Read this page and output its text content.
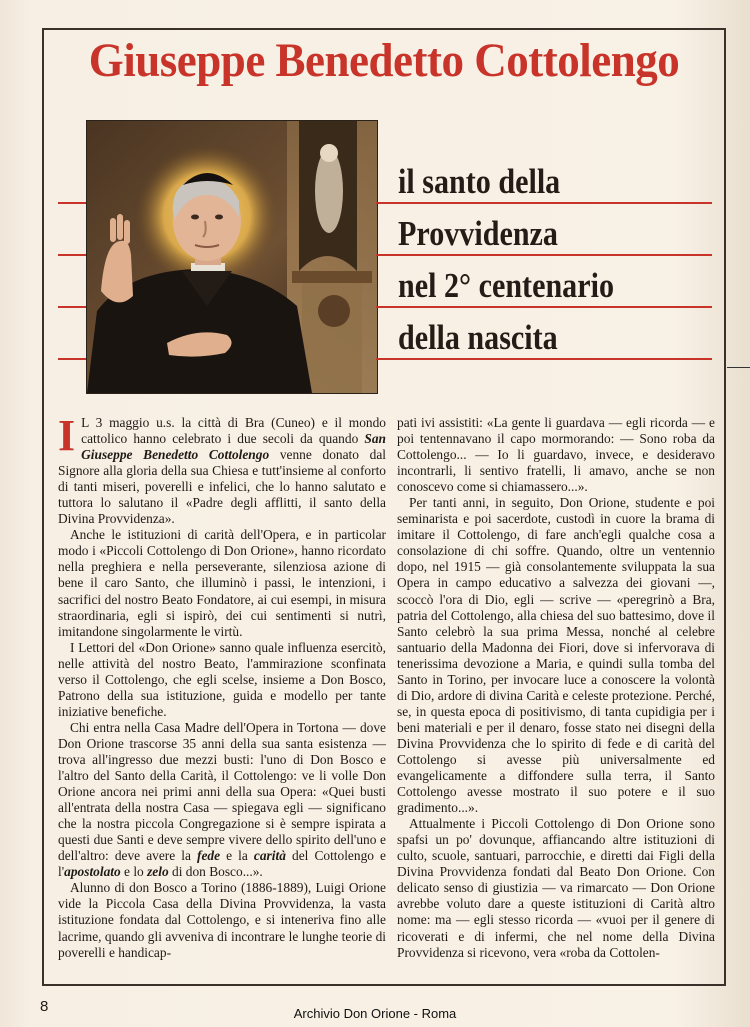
Giuseppe Benedetto Cottolengo
il santo della
Provvidenza
nel 2° centenario
della nascita

I L 3 maggio u.s. la città di Bra (Cuneo) e il mondo cattolico hanno celebrato i due secoli da quando San Giuseppe Benedetto Cottolengo venne donato dal Signore alla gloria della sua Chiesa e tutt'insieme al conforto di tanti miseri, poverelli e infelici, che lo hanno salutato e tuttora lo salutano il «Padre degli afflitti, il santo della Divina Provvidenza».

Anche le istituzioni di carità dell'Opera, e in particolar modo i «Piccoli Cottolengo di Don Orione», hanno ricordato nella preghiera e nella perseverante, silenziosa azione di bene il caro Santo, che illuminò i passi, le intenzioni, i sacrifici del nostro Beato Fondatore, ai cui esempi, in misura straordinaria, egli si ispirò, dei cui sentimenti si nutrì, imitandone singolarmente le virtù.

I Lettori del «Don Orione» sanno quale influenza esercitò, nelle attività del nostro Beato, l'ammirazione sconfinata verso il Cottolengo, che egli scelse, insieme a Don Bosco, Patrono della sua istituzione, guida e modello per tante iniziative benefiche.

Chi entra nella Casa Madre dell'Opera in Tortona — dove Don Orione trascorse 35 anni della sua santa esistenza — trova all'ingresso due mezzi busti: l'uno di Don Bosco e l'altro del Santo della Carità, il Cottolengo: ve li volle Don Orione ancora nei primi anni della sua Opera: «Quei busti all'entrata della nostra Casa — spiegava egli — significano che la nostra piccola Congregazione si è sempre ispirata a questi due Santi e deve sempre vivere dello spirito dell'uno e dell'altro: deve avere la fede e la carità del Cottolengo e l'apostolato e lo zelo di don Bosco...».

Alunno di don Bosco a Torino (1886-1889), Luigi Orione vide la Piccola Casa della Divina Provvidenza, la vasta istituzione fondata dal Cottolengo, e si inteneriva fino alle lacrime, quando gli avveniva di incontrare le lunghe teorie di poverelli e handicap-

pati ivi assistiti: «La gente li guardava — egli ricorda — e poi tentennavano il capo mormorando: — Sono roba da Cottolengo... — Io li guardavo, invece, e desideravo incontrarli, li sentivo fratelli, li amavo, anche se non conoscevo come si chiamassero...».

Per tanti anni, in seguito, Don Orione, studente e poi seminarista e poi sacerdote, custodì in cuore la brama di imitare il Cottolengo, di fare anch'egli qualche cosa a consolazione di chi soffre. Quando, oltre un ventennio dopo, nel 1915 — già consolantemente sviluppata la sua Opera in campo educativo a salvezza dei giovani —, scoccò l'ora di Dio, egli — scrive — «peregrinò a Bra, patria del Cottolengo, alla chiesa del suo battesimo, dove il Santo celebrò la sua prima Messa, nonché al celebre santuario della Madonna dei Fiori, dove si infervorava di tenerissima devozione a Maria, e quindi sulla tomba del Santo in Torino, per invocare luce a conoscere la volontà di Dio, ardore di divina Carità e celeste protezione. Perché, se, in questa epoca di positivismo, di tanta cupidigia per i beni materiali e per il denaro, fosse stato nei disegni della Divina Provvidenza che lo spirito di fede e di carità del Cottolengo si avesse più universalmente ed evangelicamente a diffondere sulla terra, il Santo Cottolengo avesse mostrato il suo potere e il suo gradimento...».

Attualmente i Piccoli Cottolengo di Don Orione sono spafsi un po' dovunque, affiancando altre istituzioni di culto, scuole, santuari, parrocchie, e diretti dai Figli della Divina Provvidenza fondati dal Beato Don Orione. Con delicato senso di giustizia — va rimarcato — Don Orione avrebbe voluto dare a queste istituzioni di Carità altro nome: ma — egli stesso ricorda — «vuoi per il genere di ricoverati e di infermi, che nel nome della Divina Provvidenza si ricevono, vera «roba da Cottolen-

8	Archivio Don Orione - Roma
